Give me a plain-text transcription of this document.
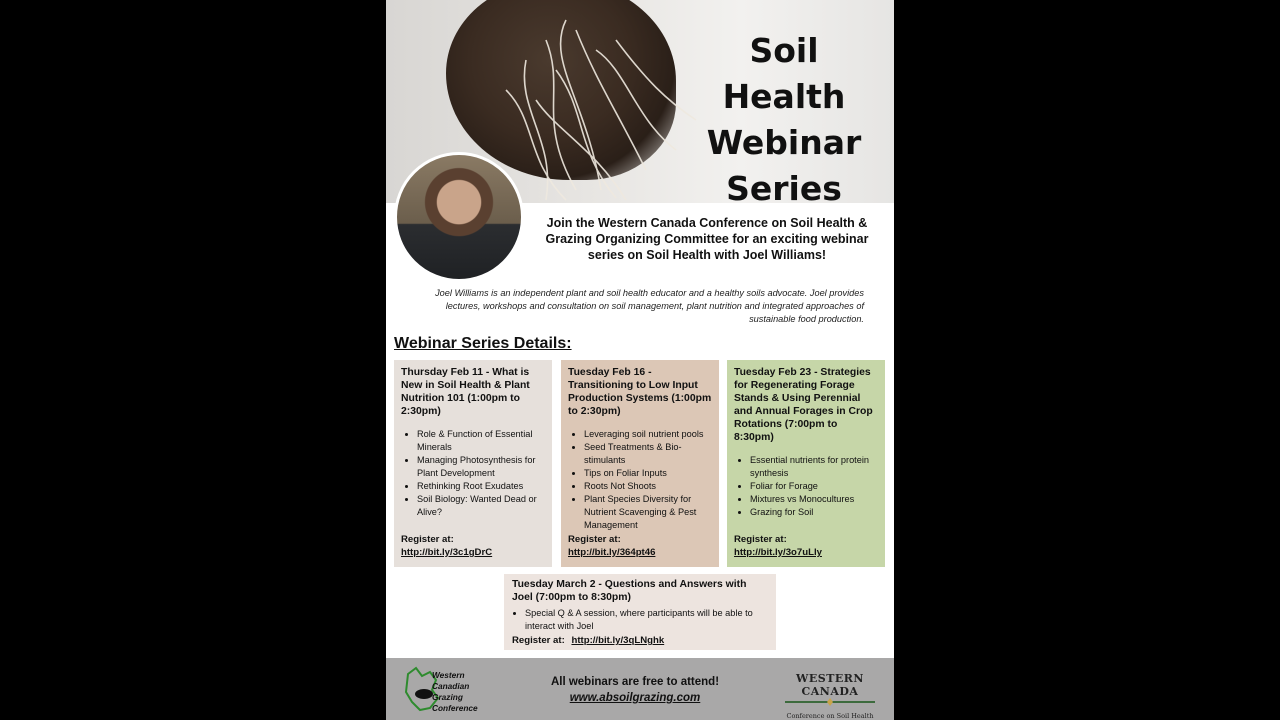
Soil Health
Webinar
Series
Join the Western Canada Conference on Soil Health & Grazing Organizing Committee for an exciting webinar series on Soil Health with Joel Williams!
Joel Williams is an independent plant and soil health educator and a healthy soils advocate. Joel provides lectures, workshops and consultation on soil management, plant nutrition and integrated approaches of sustainable food production.
Webinar Series Details:
Thursday Feb 11 - What is New in Soil Health & Plant Nutrition 101 (1:00pm to 2:30pm)
• Role & Function of Essential Minerals
• Managing Photosynthesis for Plant Development
• Rethinking Root Exudates
• Soil Biology: Wanted Dead or Alive?
Register at:
http://bit.ly/3c1gDrC
Tuesday Feb 16 - Transitioning to Low Input Production Systems (1:00pm to 2:30pm)
• Leveraging soil nutrient pools
• Seed Treatments & Bio-stimulants
• Tips on Foliar Inputs
• Roots Not Shoots
• Plant Species Diversity for Nutrient Scavenging & Pest Management
Register at:
http://bit.ly/364pt46
Tuesday Feb 23 - Strategies for Regenerating Forage Stands & Using Perennial and Annual Forages in Crop Rotations (7:00pm to 8:30pm)
• Essential nutrients for protein synthesis
• Foliar for Forage
• Mixtures vs Monocultures
• Grazing for Soil
Register at:
http://bit.ly/3o7uLly
Tuesday March 2 - Questions and Answers with Joel (7:00pm to 8:30pm)
• Special Q & A session, where participants will be able to interact with Joel
Register at: http://bit.ly/3qLNghk
Western
Canadian
Grazing
Conference
All webinars are free to attend!
www.absoilgrazing.com
WESTERN CANADA
Conference on Soil Health
